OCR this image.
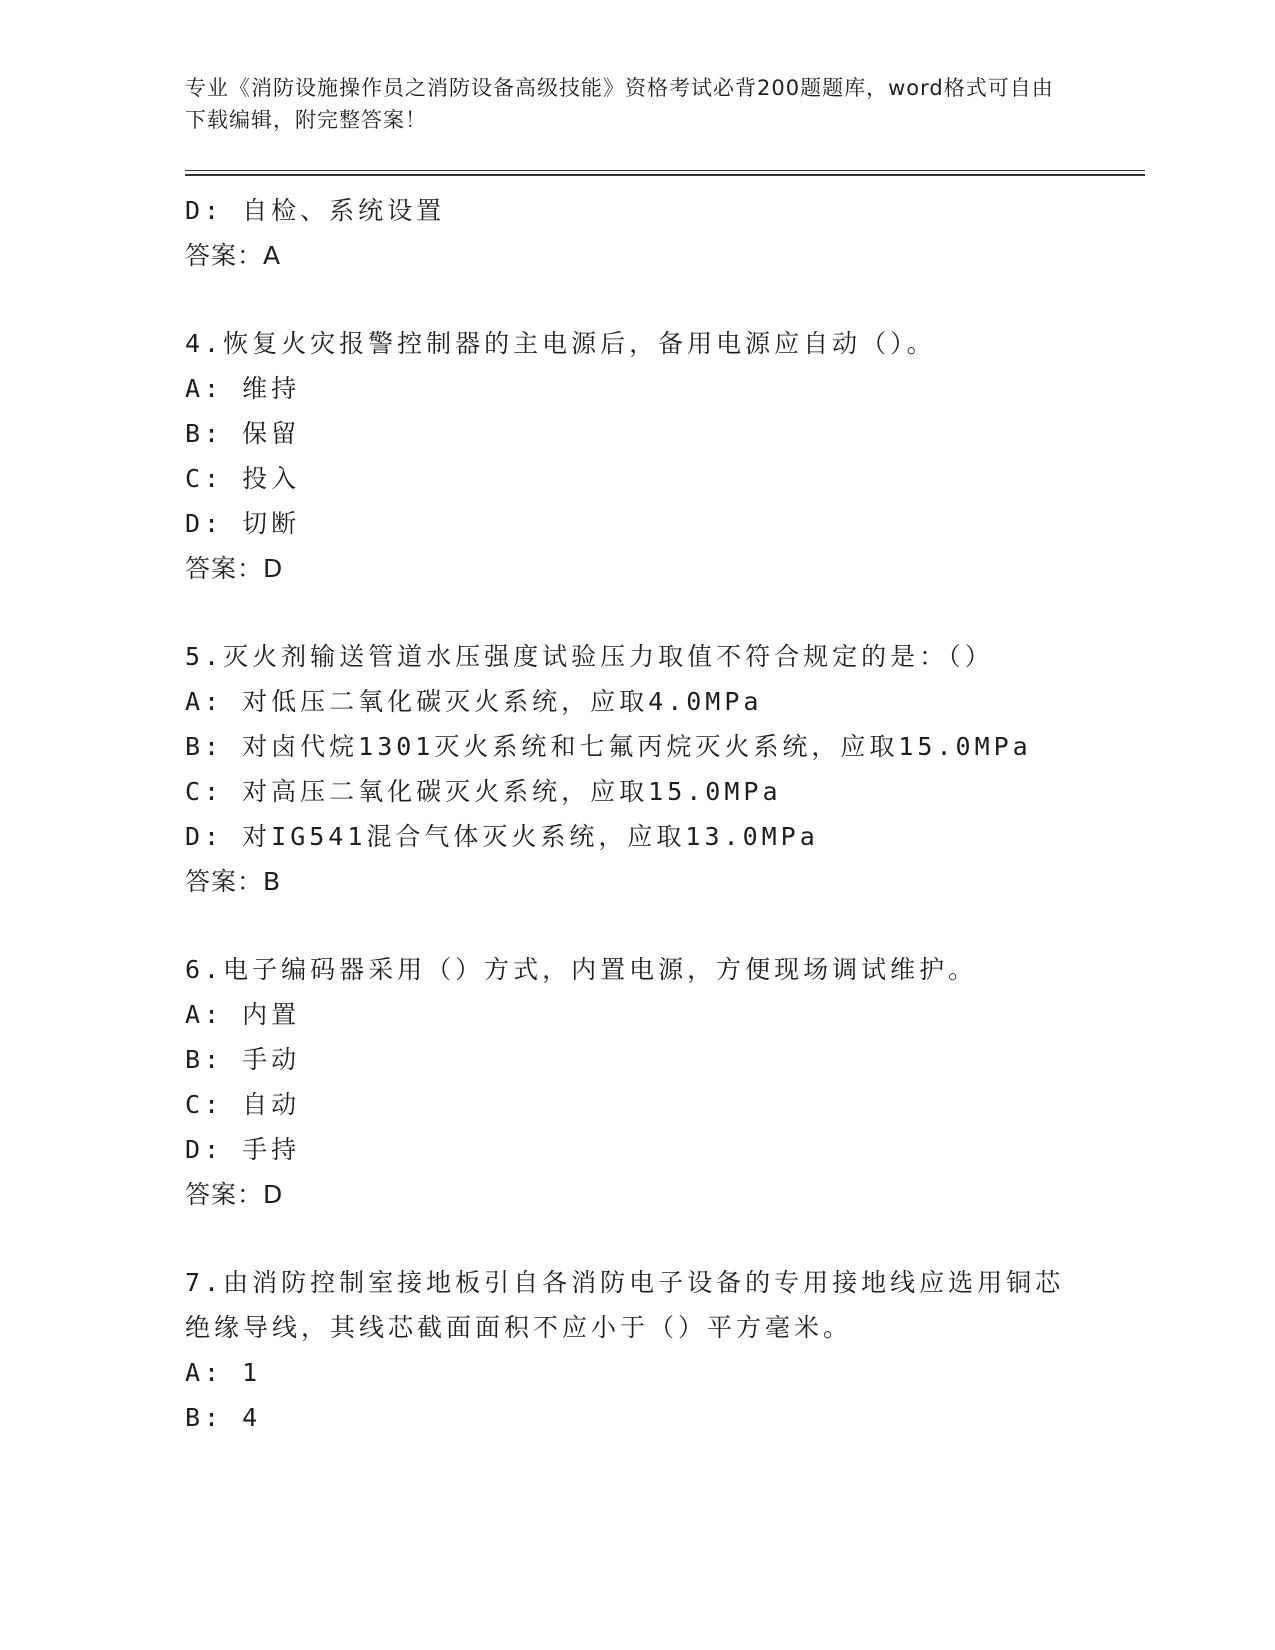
专业《消防设施操作员之消防设备高级技能》资格考试必背200题题库，word格式可自由下载编辑，附完整答案！
D: 自检、系统设置
答案：A
4.恢复火灾报警控制器的主电源后，备用电源应自动（）。
A: 维持
B: 保留
C: 投入
D: 切断
答案：D
5.灭火剂输送管道水压强度试验压力取值不符合规定的是：（）
A: 对低压二氧化碳灭火系统，应取4.0MPa
B: 对卤代烷1301灭火系统和七氟丙烷灭火系统，应取15.0MPa
C: 对高压二氧化碳灭火系统，应取15.0MPa
D: 对IG541混合气体灭火系统，应取13.0MPa
答案：B
6.电子编码器采用（）方式，内置电源，方便现场调试维护。
A: 内置
B: 手动
C: 自动
D: 手持
答案：D
7.由消防控制室接地板引自各消防电子设备的专用接地线应选用铜芯绝缘导线，其线芯截面面积不应小于（）平方毫米。
A: 1
B: 4
